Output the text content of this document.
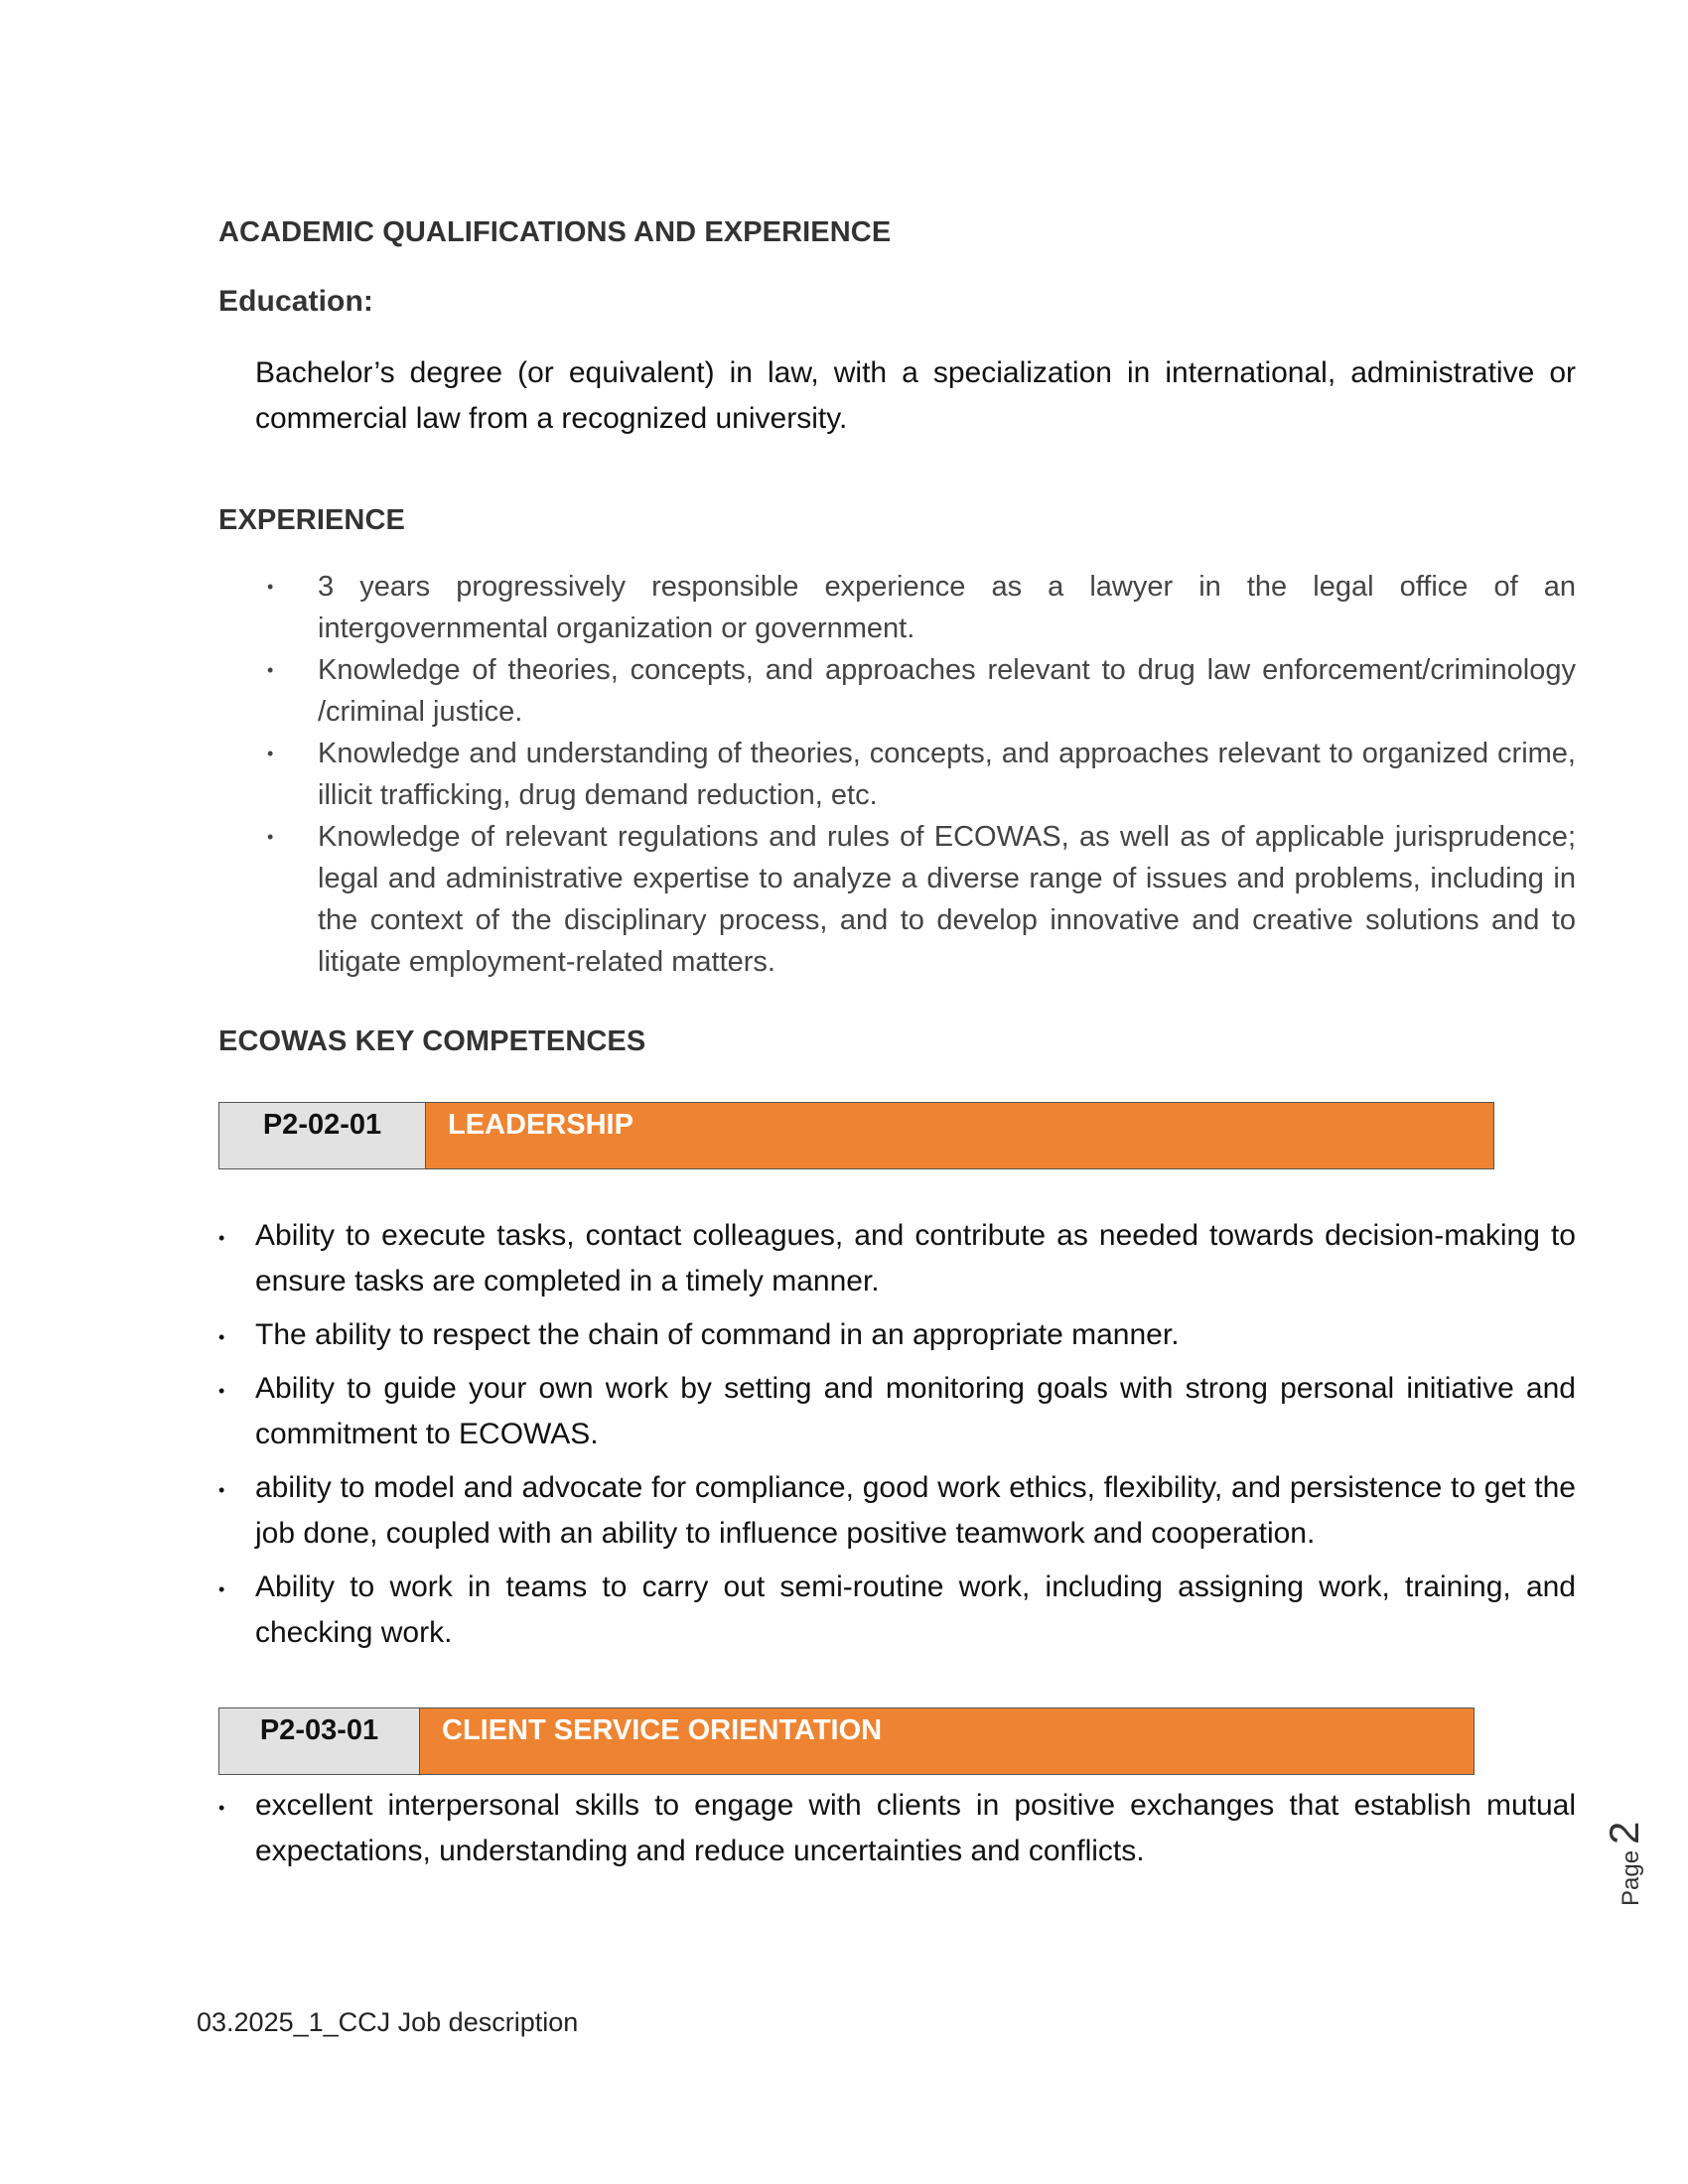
ACADEMIC QUALIFICATIONS AND EXPERIENCE
Education:

Bachelor’s degree (or equivalent) in law, with a specialization in international, administrative or commercial law from a recognized university.

EXPERIENCE
• 3 years progressively responsible experience as a lawyer in the legal office of an intergovernmental organization or government.
• Knowledge of theories, concepts, and approaches relevant to drug law enforcement/criminology /criminal justice.
• Knowledge and understanding of theories, concepts, and approaches relevant to organized crime, illicit trafficking, drug demand reduction, etc.
• Knowledge of relevant regulations and rules of ECOWAS, as well as of applicable jurisprudence; legal and administrative expertise to analyze a diverse range of issues and problems, including in the context of the disciplinary process, and to develop innovative and creative solutions and to litigate employment-related matters.
ECOWAS KEY COMPETENCES
P2-02-01	LEADERSHIP
• Ability to execute tasks, contact colleagues, and contribute as needed towards decision-making to ensure tasks are completed in a timely manner.
• The ability to respect the chain of command in an appropriate manner.
• Ability to guide your own work by setting and monitoring goals with strong personal initiative and commitment to ECOWAS.
• ability to model and advocate for compliance, good work ethics, flexibility, and persistence to get the job done, coupled with an ability to influence positive teamwork and cooperation.
• Ability to work in teams to carry out semi-routine work, including assigning work, training, and checking work.
P2-03-01	CLIENT SERVICE ORIENTATION
• excellent interpersonal skills to engage with clients in positive exchanges that establish mutual expectations, understanding and reduce uncertainties and conflicts.	Page2

03.2025_1_CCJ Job description
